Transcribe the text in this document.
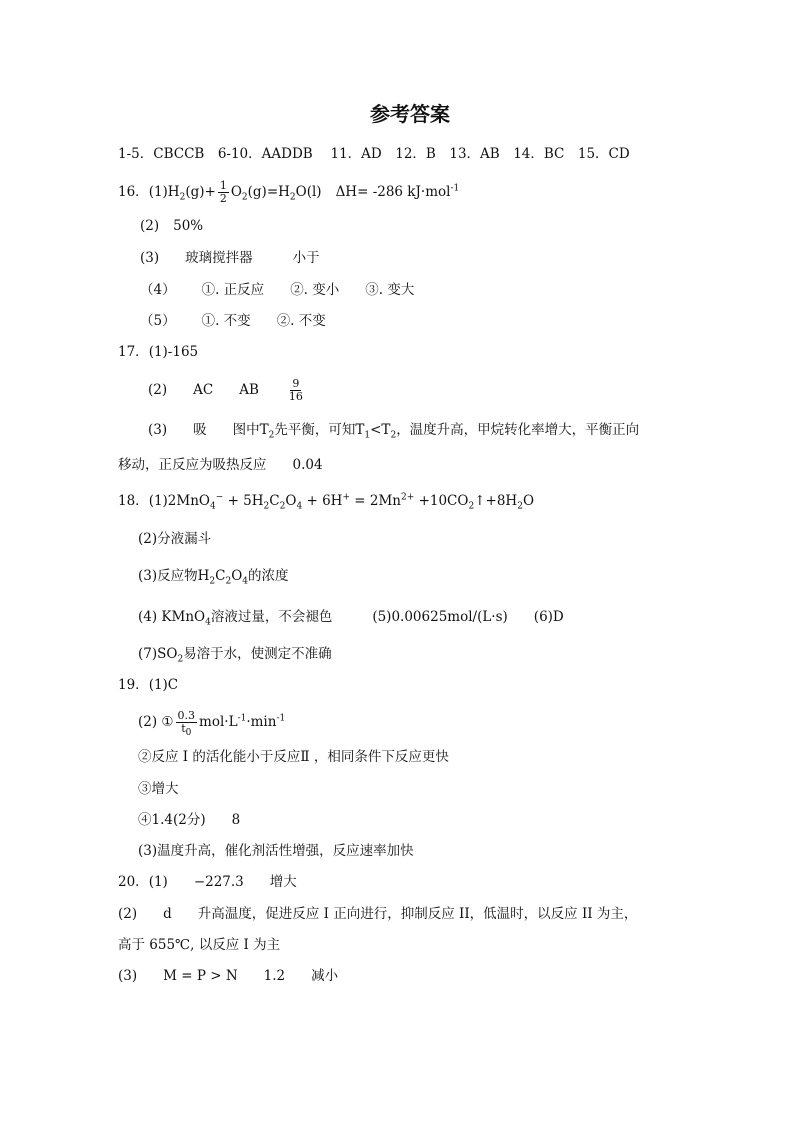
参考答案
1-5．CBCCB　6-10．AADDB　 11．AD　12．B　13．AB　14．BC　15．CD
16．$(1)H_2(g)+ \frac{1}{2} O_2(g)=H_2O(l)$ ΔH= -286 kJ·mol$^{-1}$
(2) 50%
(3) 玻璃搅拌器	小于
（4） ①. 正反应 ②. 变小 ③. 变大
（5） ①. 不变 ②. 不变
17．(1)-165
(2) AC AB	$\frac{9}{16}$
(3) 吸 图中$T_2$先平衡，可知$T_1<T_2$，温度升高，甲烷转化率增大，平衡正向
移动，正反应为吸热反应 0.04
18．$(1)2MnO_4^- + 5H_2C_2O_4 + 6H^+ = 2Mn^{2+}$ $+10CO_2↑+8H_2O$
(2)分液漏斗
(3)反应物$H_2C_2O_4$的浓度
(4) KMnO$_4$溶液过量，不会褪色	(5)0.00625mol/(L·s) (6)D
$(7)SO_2$易溶于水，使测定不准确
19．(1)C
(2) ① $\frac{0.3}{t_0} mol\cdot L^{-1}\cdot\min^{-1}$
②反应 I 的活化能小于反应Ⅱ ，相同条件下反应更快
③增大
④1.4(2分) 8
(3)温度升高，催化剂活性增强，反应速率加快
20．(1) −227.3 增大
(2) d 升高温度，促进反应 I 正向进行，抑制反应 II，低温时，以反应 II 为主，
高于 655℃, 以反应 I 为主
(3) M = P > N 1.2 减小
